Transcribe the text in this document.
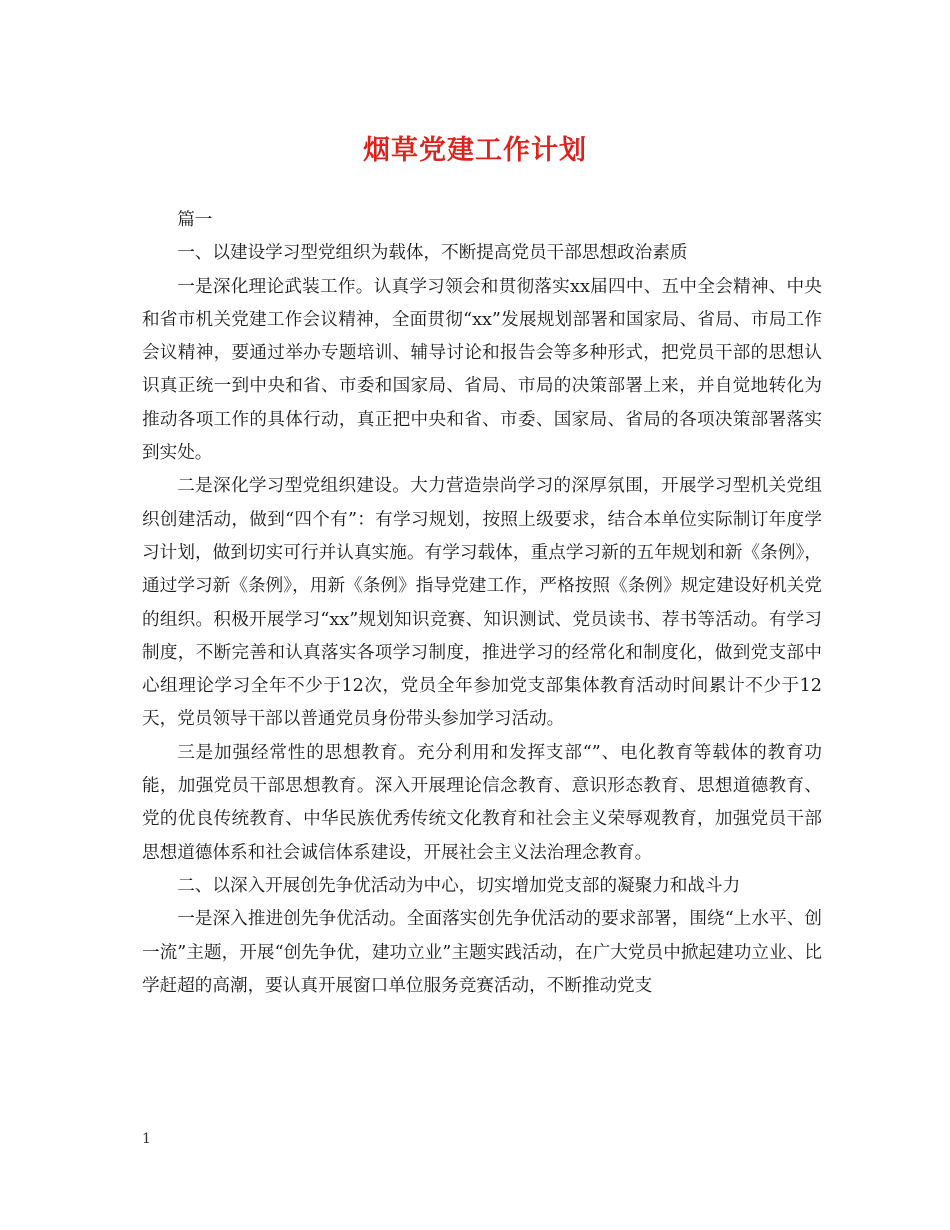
烟草党建工作计划

篇一

一、以建设学习型党组织为载体，不断提高党员干部思想政治素质

一是深化理论武装工作。认真学习领会和贯彻落实xx届四中、五中全会精神、中央和省市机关党建工作会议精神，全面贯彻“xx”发展规划部署和国家局、省局、市局工作会议精神，要通过举办专题培训、辅导讨论和报告会等多种形式，把党员干部的思想认识真正统一到中央和省、市委和国家局、省局、市局的决策部署上来，并自觉地转化为推动各项工作的具体行动，真正把中央和省、市委、国家局、省局的各项决策部署落实到实处。

二是深化学习型党组织建设。大力营造崇尚学习的深厚氛围，开展学习型机关党组织创建活动，做到“四个有”：有学习规划，按照上级要求，结合本单位实际制订年度学习计划，做到切实可行并认真实施。有学习载体，重点学习新的五年规划和新《条例》，通过学习新《条例》，用新《条例》指导党建工作，严格按照《条例》规定建设好机关党的组织。积极开展学习“xx”规划知识竞赛、知识测试、党员读书、荐书等活动。有学习制度，不断完善和认真落实各项学习制度，推进学习的经常化和制度化，做到党支部中心组理论学习全年不少于12次，党员全年参加党支部集体教育活动时间累计不少于12天，党员领导干部以普通党员身份带头参加学习活动。

三是加强经常性的思想教育。充分利用和发挥支部“”、电化教育等载体的教育功能，加强党员干部思想教育。深入开展理论信念教育、意识形态教育、思想道德教育、党的优良传统教育、中华民族优秀传统文化教育和社会主义荣辱观教育，加强党员干部思想道德体系和社会诚信体系建设，开展社会主义法治理念教育。

二、以深入开展创先争优活动为中心，切实增加党支部的凝聚力和战斗力

一是深入推进创先争优活动。全面落实创先争优活动的要求部署，围绕“上水平、创一流”主题，开展“创先争优，建功立业”主题实践活动，在广大党员中掀起建功立业、比学赶超的高潮，要认真开展窗口单位服务竞赛活动，不断推动党支

1
